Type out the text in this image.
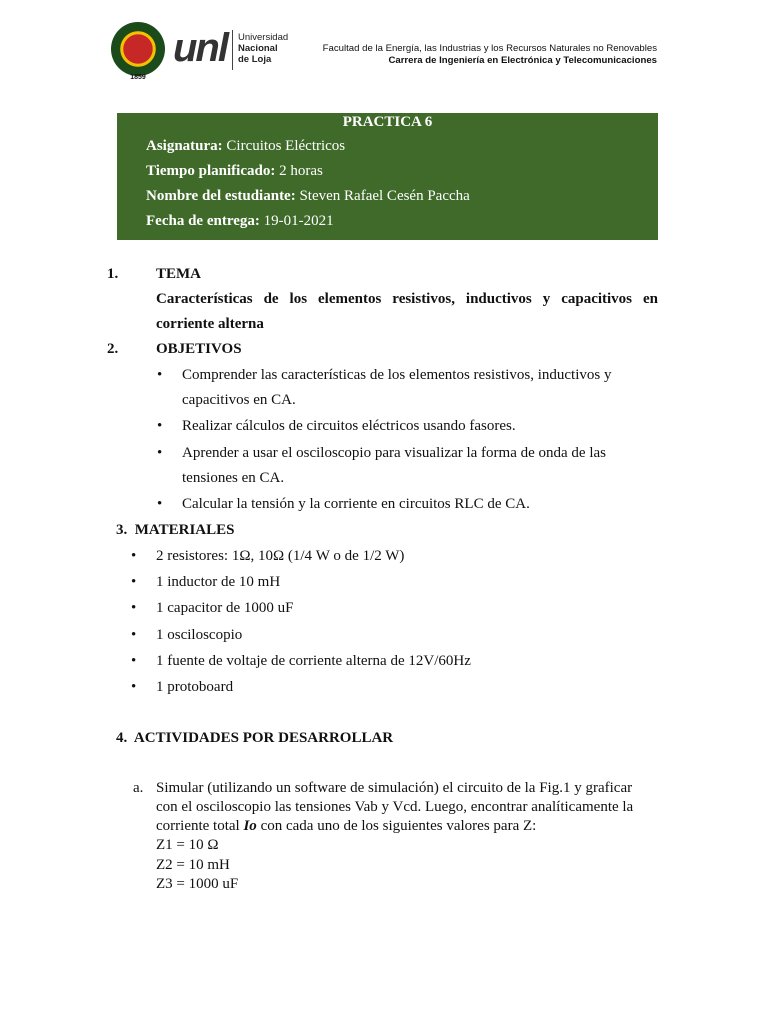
1859
unl Universidad
Nacional
de Loja
Facultad de la Energía, las Industrias y los Recursos Naturales no Renovables
Carrera de Ingeniería en Electrónica y Telecomunicaciones
PRACTICA 6
Asignatura: Circuitos Eléctricos
Tiempo planificado: 2 horas
Nombre del estudiante: Steven Rafael Cesén Paccha
Fecha de entrega: 19-01-2021
1.	TEMA
Características de los elementos resistivos, inductivos y capacitivos en
corriente alterna
2.	OBJETIVOS
• Comprender las características de los elementos resistivos, inductivos y
capacitivos en CA.
• Realizar cálculos de circuitos eléctricos usando fasores.
• Aprender a usar el osciloscopio para visualizar la forma de onda de las
tensiones en CA.
• Calcular la tensión y la corriente en circuitos RLC de CA.
3.  MATERIALES
• 2 resistores: 1Ω, 10Ω (1/4 W o de 1/2 W)
• 1 inductor de 10 mH
• 1 capacitor de 1000 uF
• 1 osciloscopio
• 1 fuente de voltaje de corriente alterna de 12V/60Hz
• 1 protoboard
4.  ACTIVIDADES POR DESARROLLAR
a. Simular (utilizando un software de simulación) el circuito de la Fig.1 y graficar
con el osciloscopio las tensiones Vab y Vcd. Luego, encontrar analíticamente la
corriente total Io con cada uno de los siguientes valores para Z:
Z1 = 10 Ω
Z2 = 10 mH
Z3 = 1000 uF
